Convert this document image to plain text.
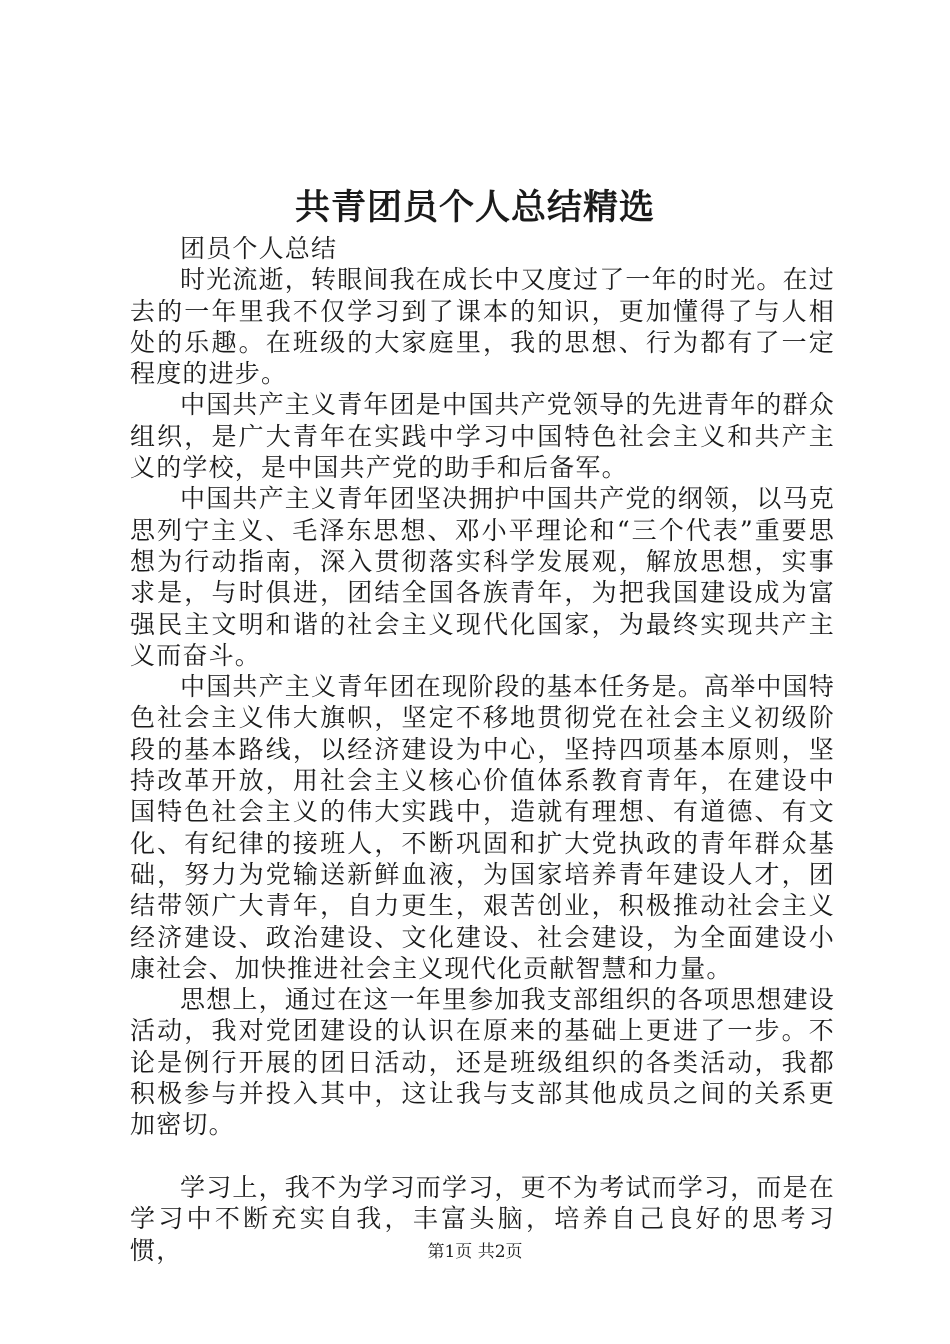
共青团员个人总结精选

团员个人总结

时光流逝，转眼间我在成长中又度过了一年的时光。在过去的一年里我不仅学习到了课本的知识，更加懂得了与人相处的乐趣。在班级的大家庭里，我的思想、行为都有了一定程度的进步。

中国共产主义青年团是中国共产党领导的先进青年的群众组织，是广大青年在实践中学习中国特色社会主义和共产主义的学校，是中国共产党的助手和后备军。

中国共产主义青年团坚决拥护中国共产党的纲领，以马克思列宁主义、毛泽东思想、邓小平理论和“三个代表”重要思想为行动指南，深入贯彻落实科学发展观，解放思想，实事求是，与时俱进，团结全国各族青年，为把我国建设成为富强民主文明和谐的社会主义现代化国家，为最终实现共产主义而奋斗。

中国共产主义青年团在现阶段的基本任务是。高举中国特色社会主义伟大旗帜，坚定不移地贯彻党在社会主义初级阶段的基本路线，以经济建设为中心，坚持四项基本原则，坚持改革开放，用社会主义核心价值体系教育青年，在建设中国特色社会主义的伟大实践中，造就有理想、有道德、有文化、有纪律的接班人，不断巩固和扩大党执政的青年群众基础，努力为党输送新鲜血液，为国家培养青年建设人才，团结带领广大青年，自力更生，艰苦创业，积极推动社会主义经济建设、政治建设、文化建设、社会建设，为全面建设小康社会、加快推进社会主义现代化贡献智慧和力量。

思想上，通过在这一年里参加我支部组织的各项思想建设活动，我对党团建设的认识在原来的基础上更进了一步。不论是例行开展的团日活动，还是班级组织的各类活动，我都积极参与并投入其中，这让我与支部其他成员之间的关系更加密切。

学习上，我不为学习而学习，更不为考试而学习，而是在学习中不断充实自我，丰富头脑，培养自己良好的思考习惯，	第1页 共2页
